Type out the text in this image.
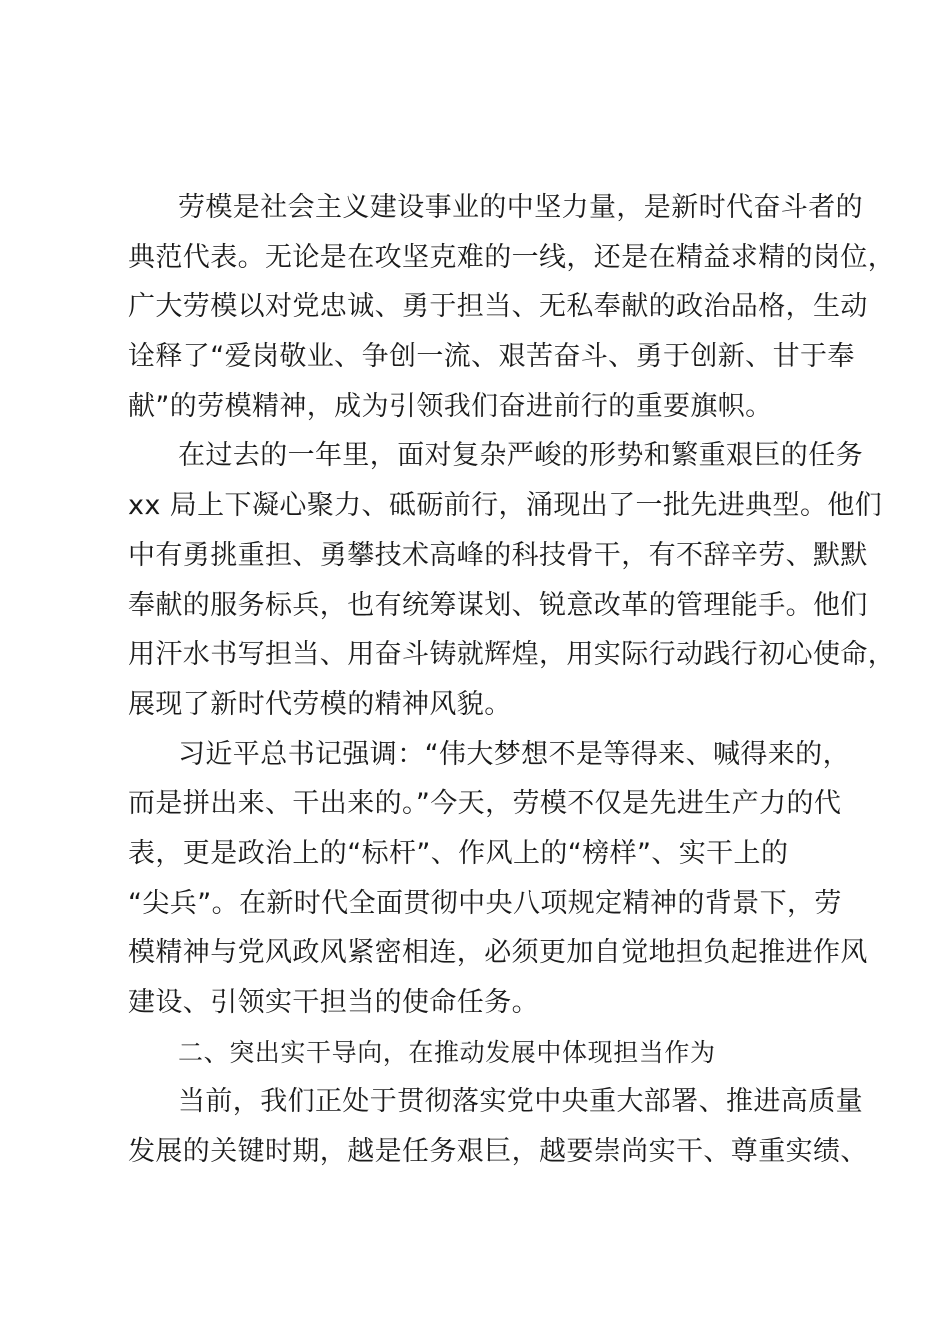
劳模是社会主义建设事业的中坚力量，是新时代奋斗者的
典范代表。无论是在攻坚克难的一线，还是在精益求精的岗位，
广大劳模以对党忠诚、勇于担当、无私奉献的政治品格，生动
诠释了“爱岗敬业、争创一流、艰苦奋斗、勇于创新、甘于奉
献”的劳模精神，成为引领我们奋进前行的重要旗帜。
在过去的一年里，面对复杂严峻的形势和繁重艰巨的任务
xx 局上下凝心聚力、砥砺前行，涌现出了一批先进典型。他们
中有勇挑重担、勇攀技术高峰的科技骨干，有不辞辛劳、默默
奉献的服务标兵，也有统筹谋划、锐意改革的管理能手。他们
用汗水书写担当、用奋斗铸就辉煌，用实际行动践行初心使命，
展现了新时代劳模的精神风貌。
习近平总书记强调：“伟大梦想不是等得来、喊得来的，
而是拼出来、干出来的。”今天，劳模不仅是先进生产力的代
表，更是政治上的“标杆”、作风上的“榜样”、实干上的
“尖兵”。在新时代全面贯彻中央八项规定精神的背景下，劳
模精神与党风政风紧密相连，必须更加自觉地担负起推进作风
建设、引领实干担当的使命任务。
二、突出实干导向，在推动发展中体现担当作为
当前，我们正处于贯彻落实党中央重大部署、推进高质量
发展的关键时期，越是任务艰巨，越要崇尚实干、尊重实绩、
